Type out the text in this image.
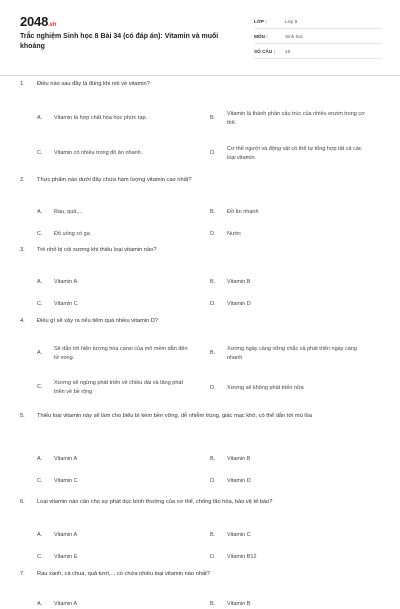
2048.vn
Trắc nghiệm Sinh học 8 Bài 34 (có đáp án): Vitamin và muối khoáng
LỚP :	Lớp 8
MÔN :	Sinh học
SỐ CÂU :	16
1.	Điều nào sau đây là đúng khi nói về vitamin?
A.	Vitamin là hợp chất hóa học phức tạp.	B.
Vitamin là thành phần cấu trúc của nhiều enzim trong cơ thể.
C.	Vitamin có nhiều trong đồ ăn nhanh.	D.
Cơ thể người và động vật có thể tự tổng hợp tất cả các loại vitamin.
2.	Thực phẩm nào dưới đây chứa hàm lượng vitamin cao nhất?
A.	Rau, quả,...	B.	Đồ ăn nhanh
C.	Đồ uống có ga	D.	Nước
3.	Trẻ nhỏ bị còi xương khi thiếu loại vitamin nào?
A.	Vitamin A	B.	Vitamin B
C.	Vitamin C	D.	Vitamin D
4.	Điều gì sẽ xảy ra nếu tiêm quá nhiều vitamin D?
A.
Sẽ dẫn tới hiện tượng hóa canxi của mô mềm dẫn đến tử vong.
B.
Xương ngày càng vững chắc và phát triển ngày càng nhanh
C.
Xương sẽ ngừng phát triển về chiều dài và tăng phát triển về bề rộng
D.	Xương sẽ không phát triển nữa
5.	Thiếu loại vitamin này sẽ làm cho biểu bì kém bền vững, dễ nhiễm trùng, giác mạc khô, có thể dẫn tới mù lòa
A.	Vitamin A	B.	Vitamin B
C.	Vitamin C	D.	Vitamin D
6.	Loại vitamin nào cần cho sự phát dục bình thường của cơ thể, chống lão hóa, bảo vệ tế bào?
A.	Vitamin A	B.	Vitamin C
C.	Vitamin E	D.	Vitamin B12
7.	Rau xanh, cà chua, quả tươi,... có chứa nhiều loại vitamin nào nhất?
A.	Vitamin A	B.	Vitamin B
